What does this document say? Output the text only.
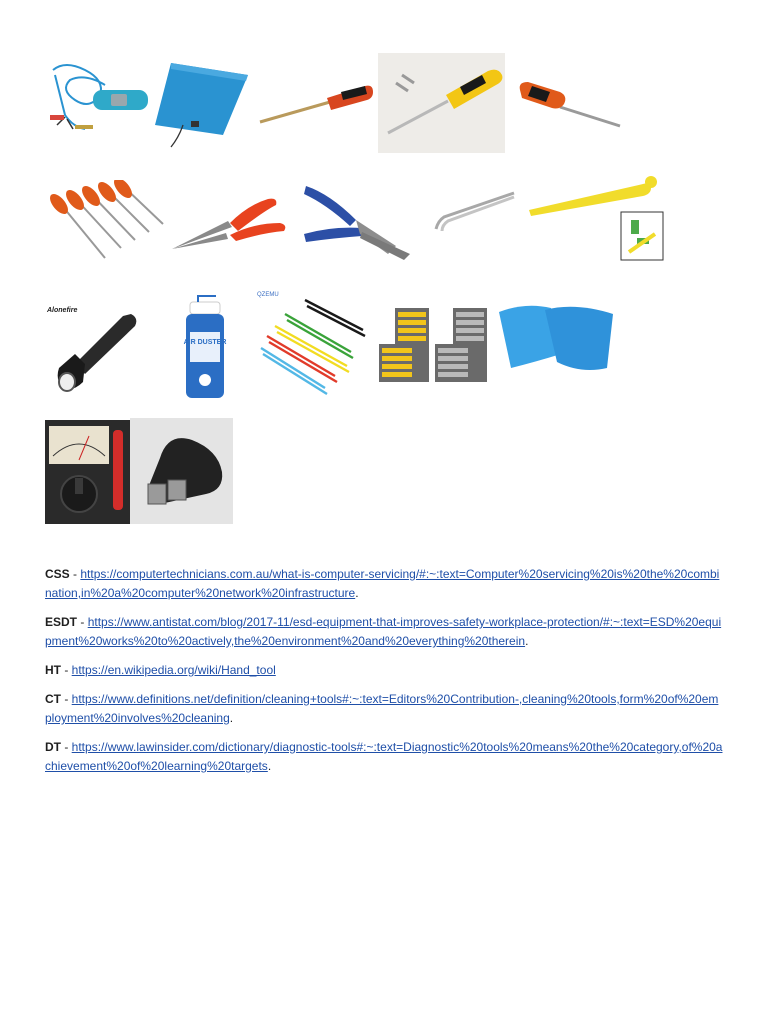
Alonefire
AIR DUSTER
QZEMU
CSS - https://computertechnicians.com.au/what-is-computer-servicing/#:~:text=Computer%20servicing%20is%20the%20combination,in%20a%20computer%20network%20infrastructure.
ESDT - https://www.antistat.com/blog/2017-11/esd-equipment-that-improves-safety-workplace-protection/#:~:text=ESD%20equipment%20works%20to%20actively,the%20environment%20and%20everything%20therein.
HT - https://en.wikipedia.org/wiki/Hand_tool
CT - https://www.definitions.net/definition/cleaning+tools#:~:text=Editors%20Contribution-,cleaning%20tools,form%20of%20employment%20involves%20cleaning.
DT - https://www.lawinsider.com/dictionary/diagnostic-tools#:~:text=Diagnostic%20tools%20means%20the%20category,of%20achievement%20of%20learning%20targets.
